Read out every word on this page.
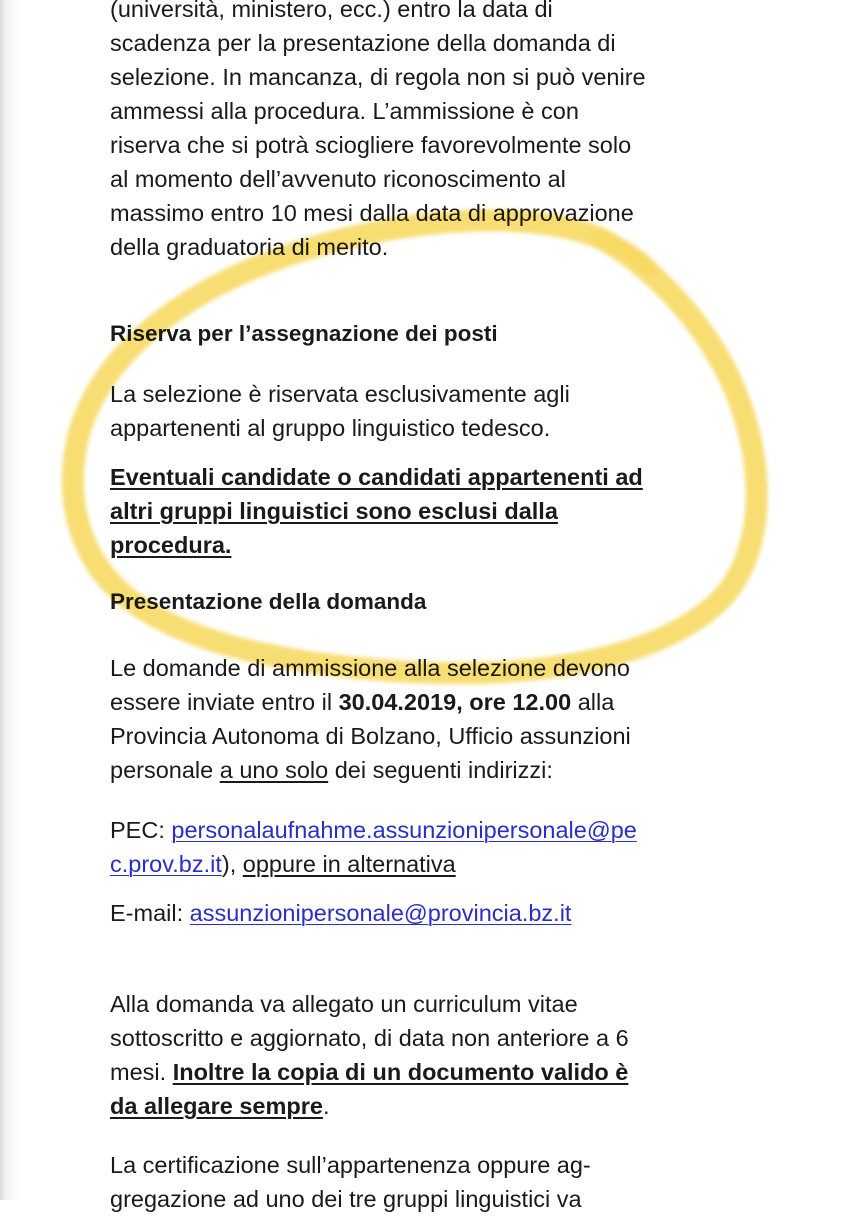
(università, ministero, ecc.) entro la data di
scadenza per la presentazione della domanda di
selezione. In mancanza, di regola non si può venire
ammessi alla procedura. L’ammissione è con
riserva che si potrà sciogliere favorevolmente solo
al momento dell’avvenuto riconoscimento al
massimo entro 10 mesi dalla data di approvazione
della graduatoria di merito.
Riserva per l’assegnazione dei posti
La selezione è riservata esclusivamente agli
appartenenti al gruppo linguistico tedesco.
Eventuali candidate o candidati appartenenti ad
altri gruppi linguistici sono esclusi dalla
procedura.
Presentazione della domanda
Le domande di ammissione alla selezione devono
essere inviate entro il 30.04.2019, ore 12.00 alla
Provincia Autonoma di Bolzano, Ufficio assunzioni
personale a uno solo dei seguenti indirizzi:
PEC: personalaufnahme.assunzionipersonale@pe
c.prov.bz.it), oppure in alternativa
E-mail: assunzionipersonale@provincia.bz.it
Alla domanda va allegato un curriculum vitae
sottoscritto e aggiornato, di data non anteriore a 6
mesi. Inoltre la copia di un documento valido è
da allegare sempre.
La certificazione sull’appartenenza oppure ag-
gregazione ad uno dei tre gruppi linguistici va
